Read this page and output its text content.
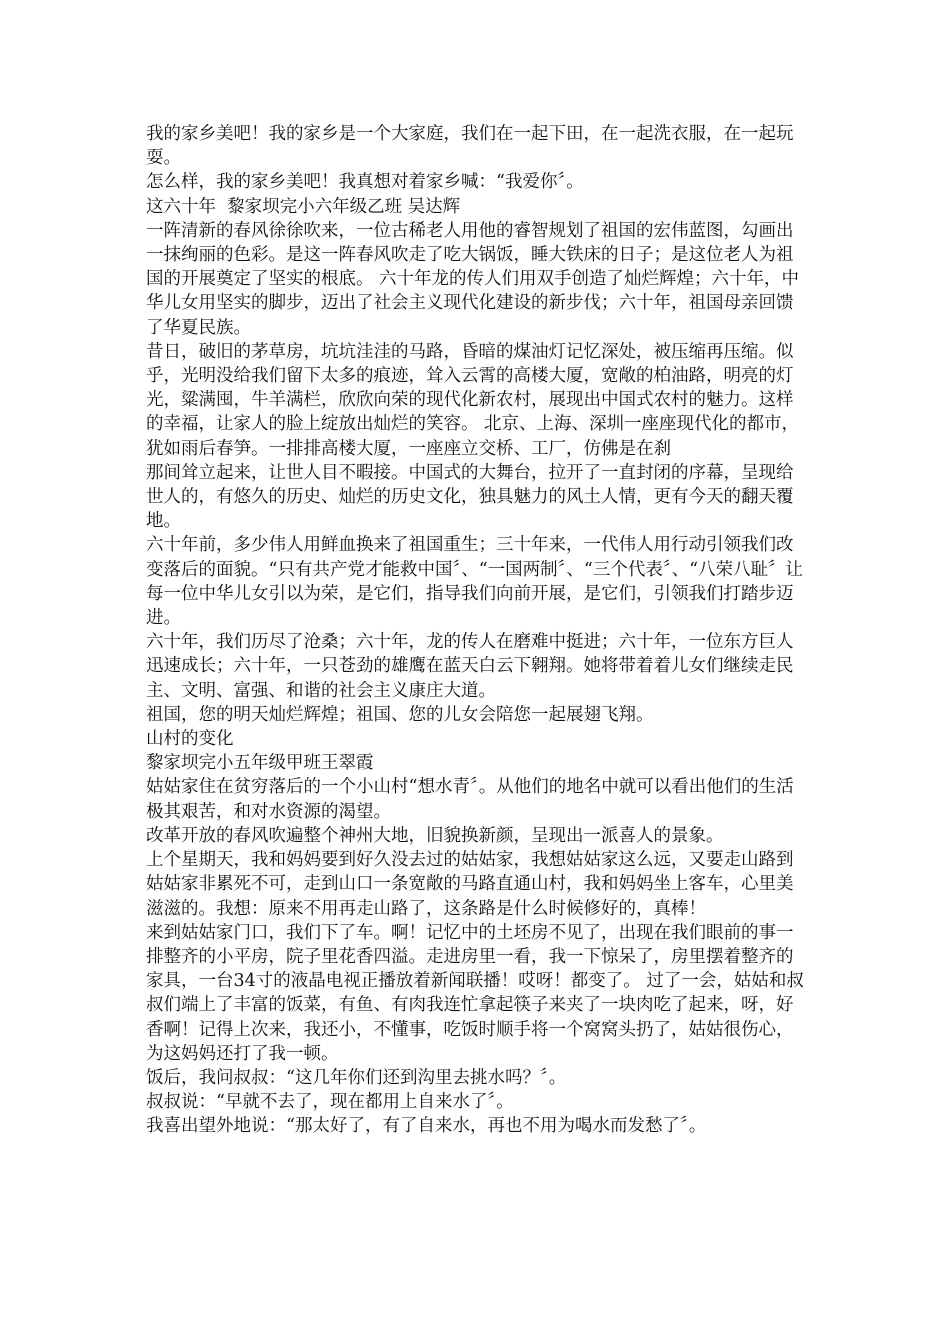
我的家乡美吧！我的家乡是一个大家庭，我们在一起下田，在一起洗衣服，在一起玩耍。

怎么样，我的家乡美吧！我真想对着家乡喊：“我爱你〞。

这六十年  黎家坝完小六年级乙班 吴达辉

一阵清新的春风徐徐吹来，一位古稀老人用他的睿智规划了祖国的宏伟蓝图，勾画出一抹绚丽的色彩。是这一阵春风吹走了吃大锅饭，睡大铁床的日子；是这位老人为祖国的开展奠定了坚实的根底。 六十年龙的传人们用双手创造了灿烂辉煌；六十年，中华儿女用坚实的脚步，迈出了社会主义现代化建设的新步伐；六十年，祖国母亲回馈了华夏民族。

昔日，破旧的茅草房，坑坑洼洼的马路，昏暗的煤油灯记忆深处，被压缩再压缩。似乎，光明没给我们留下太多的痕迹，耸入云霄的高楼大厦，宽敞的柏油路，明亮的灯光，粱满囤，牛羊满栏，欣欣向荣的现代化新农村，展现出中国式农村的魅力。这样的幸福，让家人的脸上绽放出灿烂的笑容。 北京、上海、深圳一座座现代化的都市，犹如雨后春笋。一排排高楼大厦，一座座立交桥、工厂，仿佛是在刹

那间耸立起来，让世人目不暇接。中国式的大舞台，拉开了一直封闭的序幕，呈现给世人的，有悠久的历史、灿烂的历史文化，独具魅力的风土人情，更有今天的翻天覆地。

六十年前，多少伟人用鲜血换来了祖国重生；三十年来，一代伟人用行动引领我们改变落后的面貌。“只有共产党才能救中国〞、“一国两制〞、“三个代表〞、“八荣八耻〞让每一位中华儿女引以为荣，是它们，指导我们向前开展，是它们，引领我们打踏步迈进。

六十年，我们历尽了沧桑；六十年，龙的传人在磨难中挺进；六十年，一位东方巨人迅速成长；六十年，一只苍劲的雄鹰在蓝天白云下翱翔。她将带着着儿女们继续走民主、文明、富强、和谐的社会主义康庄大道。

祖国，您的明天灿烂辉煌；祖国、您的儿女会陪您一起展翅飞翔。

山村的变化

黎家坝完小五年级甲班王翠霞

姑姑家住在贫穷落后的一个小山村“想水青〞。从他们的地名中就可以看出他们的生活极其艰苦，和对水资源的渴望。

改革开放的春风吹遍整个神州大地，旧貌换新颜，呈现出一派喜人的景象。

上个星期天，我和妈妈要到好久没去过的姑姑家，我想姑姑家这么远，又要走山路到姑姑家非累死不可，走到山口一条宽敞的马路直通山村，我和妈妈坐上客车，心里美滋滋的。我想：原来不用再走山路了，这条路是什么时候修好的，真棒！

来到姑姑家门口，我们下了车。啊！记忆中的土坯房不见了，出现在我们眼前的事一排整齐的小平房，院子里花香四溢。走进房里一看，我一下惊呆了，房里摆着整齐的家具，一台34寸的液晶电视正播放着新闻联播！哎呀！都变了。 过了一会，姑姑和叔叔们端上了丰富的饭菜，有鱼、有肉我连忙拿起筷子来夹了一块肉吃了起来，呀，好香啊！记得上次来，我还小，不懂事，吃饭时顺手将一个窝窝头扔了，姑姑很伤心，为这妈妈还打了我一顿。

饭后，我问叔叔：“这几年你们还到沟里去挑水吗？〞。

叔叔说：“早就不去了，现在都用上自来水了〞。

我喜出望外地说：“那太好了，有了自来水，再也不用为喝水而发愁了〞。
